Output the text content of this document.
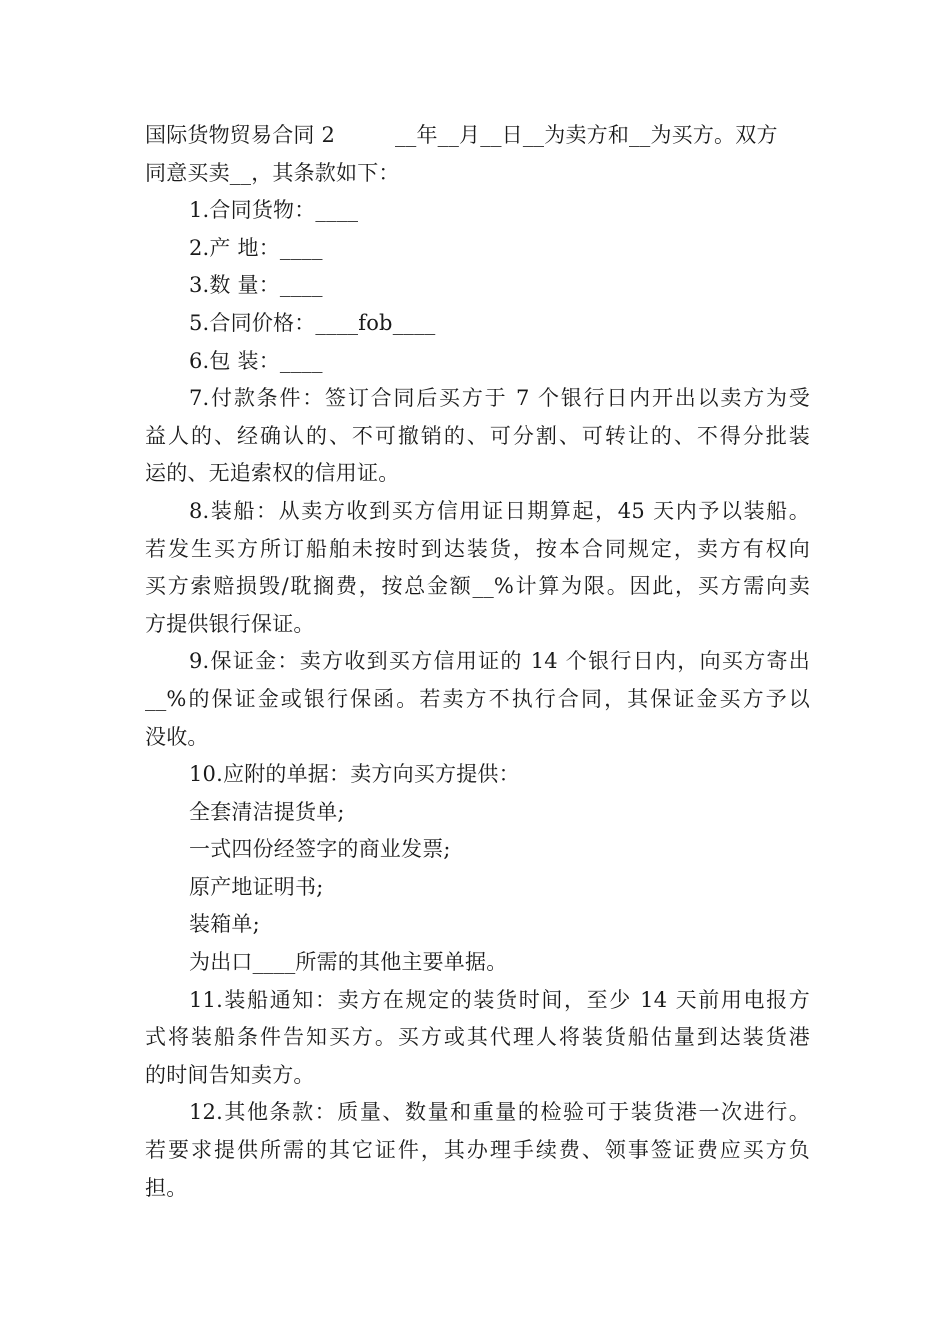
国际货物贸易合同 2	__年__月__日__为卖方和__为买方。双方
同意买卖__，其条款如下：
1.合同货物：____
2.产 地：____
3.数 量：____
5.合同价格：____fob____
6.包 装：____
7.付款条件：签订合同后买方于 7 个银行日内开出以卖方为受
益人的、经确认的、不可撤销的、可分割、可转让的、不得分批装
运的、无追索权的信用证。
8.装船：从卖方收到买方信用证日期算起，45 天内予以装船。
若发生买方所订船舶未按时到达装货，按本合同规定，卖方有权向
买方索赔损毁/耽搁费，按总金额__%计算为限。因此，买方需向卖
方提供银行保证。
9.保证金：卖方收到买方信用证的 14 个银行日内，向买方寄出
__%的保证金或银行保函。若卖方不执行合同，其保证金买方予以
没收。
10.应附的单据：卖方向买方提供：
全套清洁提货单;
一式四份经签字的商业发票;
原产地证明书;
装箱单;
为出口____所需的其他主要单据。
11.装船通知：卖方在规定的装货时间，至少 14 天前用电报方
式将装船条件告知买方。买方或其代理人将装货船估量到达装货港
的时间告知卖方。
12.其他条款：质量、数量和重量的检验可于装货港一次进行。
若要求提供所需的其它证件，其办理手续费、领事签证费应买方负
担。
